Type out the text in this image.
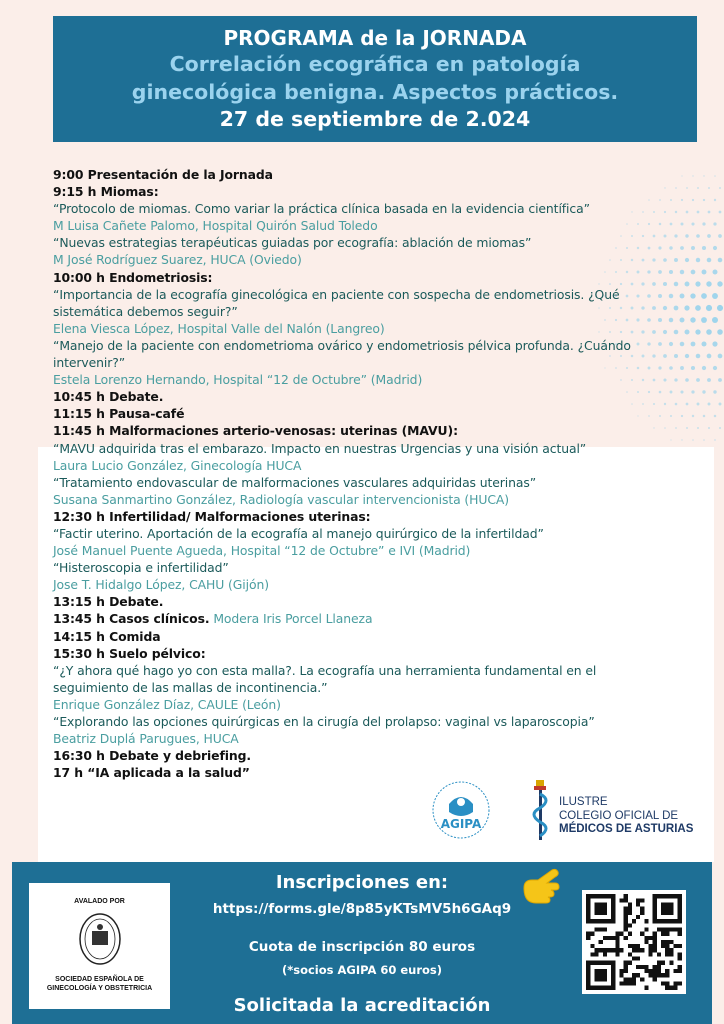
PROGRAMA de la JORNADA
Correlación ecográfica en patología
ginecológica benigna. Aspectos prácticos.
27 de septiembre de 2.024
9:00 Presentación de la Jornada
9:15 h Miomas:
“Protocolo de miomas. Como variar la práctica clínica basada en la evidencia científica”
M Luisa Cañete Palomo, Hospital Quirón Salud Toledo
“Nuevas estrategias terapéuticas guiadas por ecografía: ablación de miomas”
M José Rodríguez Suarez, HUCA (Oviedo)
10:00 h Endometriosis:
“Importancia de la ecografía ginecológica en paciente con sospecha de endometriosis. ¿Qué
sistemática debemos seguir?”
Elena Viesca López, Hospital Valle del Nalón (Langreo)
“Manejo de la paciente con endometrioma ovárico y endometriosis pélvica profunda. ¿Cuándo
intervenir?”
Estela Lorenzo Hernando, Hospital “12 de Octubre” (Madrid)
10:45 h Debate.
11:15 h Pausa-café
11:45 h Malformaciones arterio-venosas: uterinas (MAVU):
“MAVU adquirida tras el embarazo. Impacto en nuestras Urgencias y una visión actual”
Laura Lucio González, Ginecología HUCA
“Tratamiento endovascular de malformaciones vasculares adquiridas uterinas”
Susana Sanmartino González, Radiología vascular intervencionista (HUCA)
12:30 h Infertilidad/ Malformaciones uterinas:
“Factir uterino. Aportación de la ecografía al manejo quirúrgico de la infertildad”
José Manuel Puente Agueda, Hospital “12 de Octubre” e IVI (Madrid)
“Histeroscopia e infertilidad”
Jose T. Hidalgo López, CAHU (Gijón)
13:15 h Debate.
13:45 h Casos clínicos. Modera Iris Porcel Llaneza
14:15 h Comida
15:30 h Suelo pélvico:
“¿Y ahora qué hago yo con esta malla?. La ecografía una herramienta fundamental en el
seguimiento de las mallas de incontinencia.”
Enrique González Díaz, CAULE (León)
“Explorando las opciones quirúrgicas en la cirugía del prolapso: vaginal vs laparoscopia”
Beatriz Duplá Parugues, HUCA
16:30 h Debate y debriefing.
17 h “IA aplicada a la salud”
AGIPA
ILUSTRE
COLEGIO OFICIAL DE
MÉDICOS DE ASTURIAS
AVALADO POR
SOCIEDAD ESPAÑOLA DE
GINECOLOGÍA Y OBSTETRICIA
Inscripciones en:
https://forms.gle/8p85yKTsMV5h6GAq9
Cuota de inscripción 80 euros
(*socios AGIPA 60 euros)
Solicitada la acreditación
